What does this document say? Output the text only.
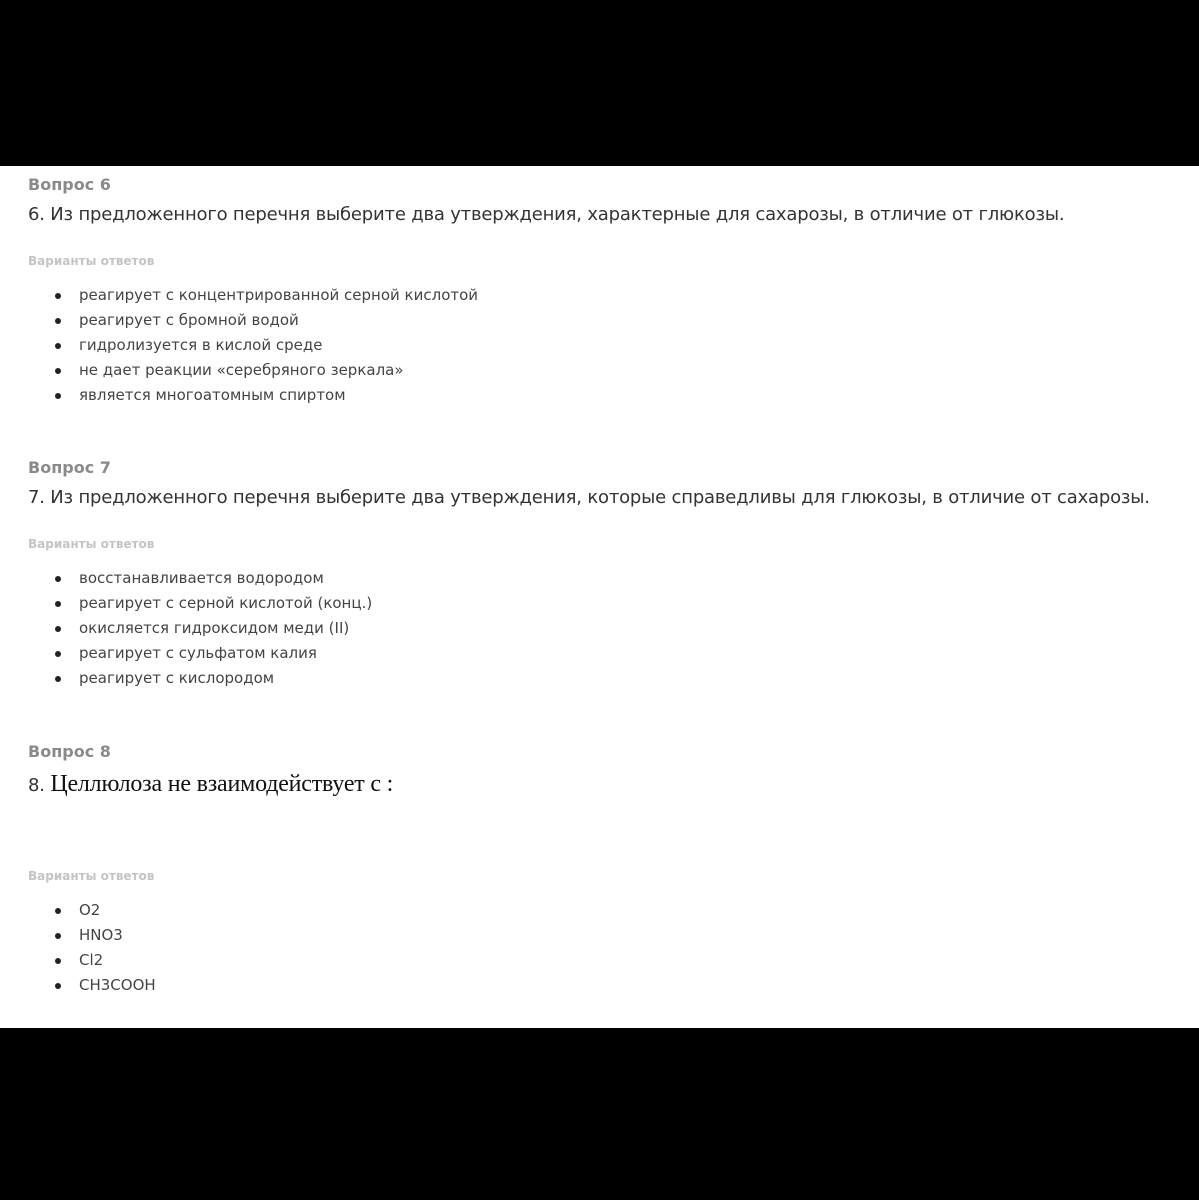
Вопрос 6

6. Из предложенного перечня выберите два утверждения, характерные для сахарозы, в отличие от глюкозы.

Варианты ответов

реагирует с концентрированной серной кислотой
реагирует с бромной водой
гидролизуется в кислой среде
не дает реакции «серебряного зеркала»
является многоатомным спиртом

Вопрос 7

7. Из предложенного перечня выберите два утверждения, которые справедливы для глюкозы, в отличие от сахарозы.

Варианты ответов

восстанавливается водородом
реагирует с серной кислотой (конц.)
окисляется гидроксидом меди (II)
реагирует с сульфатом калия
реагирует с кислородом

Вопрос 8

8. Целлюлоза не взаимодействует с :

Варианты ответов

O2
HNO3
Cl2
CH3COOH
